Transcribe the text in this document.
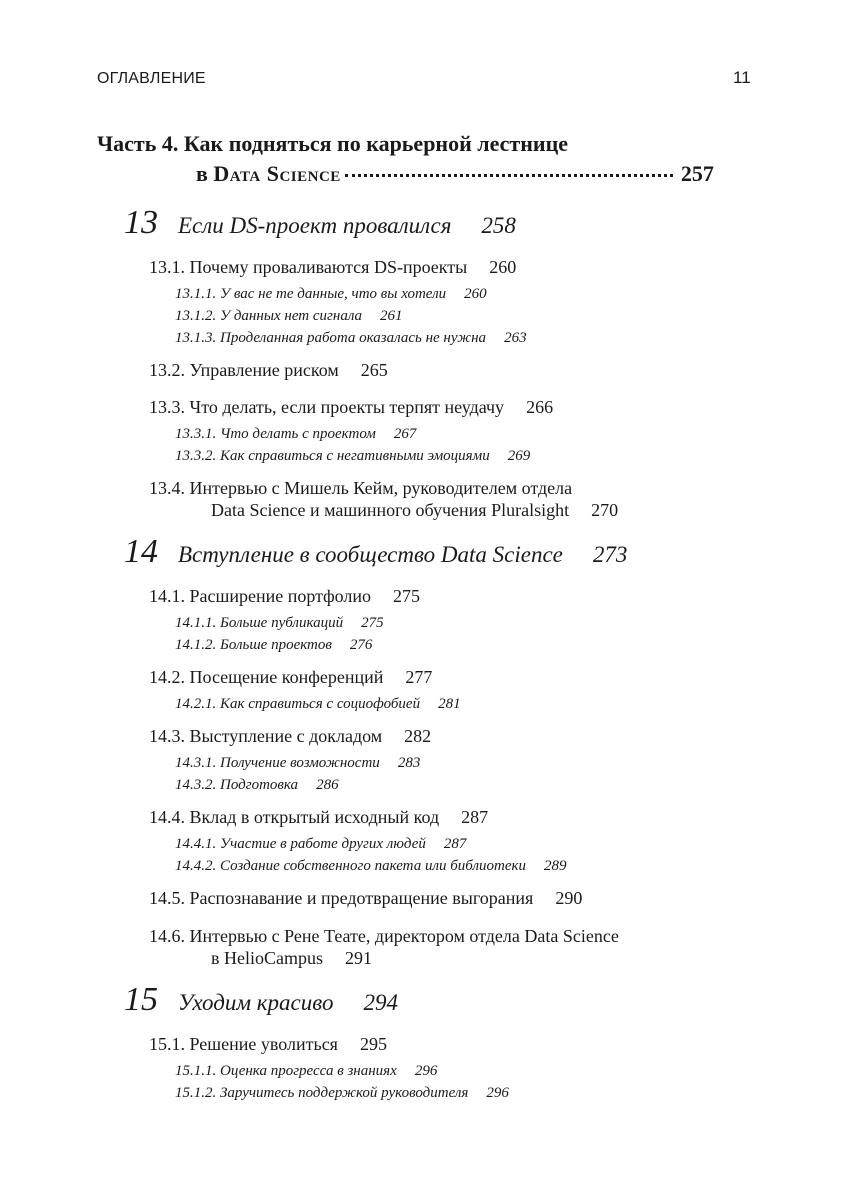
ОГЛАВЛЕНИЕ	11
Часть 4. Как подняться по карьерной лестнице
в
Data Science	257
13 Если DS-проект провалился 258
13.1. Почему проваливаются DS-проекты 260
13.1.1. У вас не те данные, что вы хотели 260
13.1.2. У данных нет сигнала 261
13.1.3. Проделанная работа оказалась не нужна 263
13.2. Управление риском 265
13.3. Что делать, если проекты терпят неудачу 266
13.3.1. Что делать с проектом 267
13.3.2. Как справиться с негативными эмоциями 269
13.4. Интервью с Мишель Кейм, руководителем отдела
Data Science и машинного обучения Pluralsight 270
14 Вступление в сообщество Data Science 273
14.1. Расширение портфолио 275
14.1.1. Больше публикаций 275
14.1.2. Больше проектов 276
14.2. Посещение конференций 277
14.2.1. Как справиться с социофобией 281
14.3. Выступление с докладом 282
14.3.1. Получение возможности 283
14.3.2. Подготовка 286
14.4. Вклад в открытый исходный код 287
14.4.1. Участие в работе других людей 287
14.4.2. Создание собственного пакета или библиотеки 289
14.5. Распознавание и предотвращение выгорания 290
14.6. Интервью с Рене Теате, директором отдела Data Science
в HelioCampus 291
15 Уходим красиво 294
15.1. Решение уволиться 295
15.1.1. Оценка прогресса в знаниях 296
15.1.2. Заручитесь поддержкой руководителя 296
